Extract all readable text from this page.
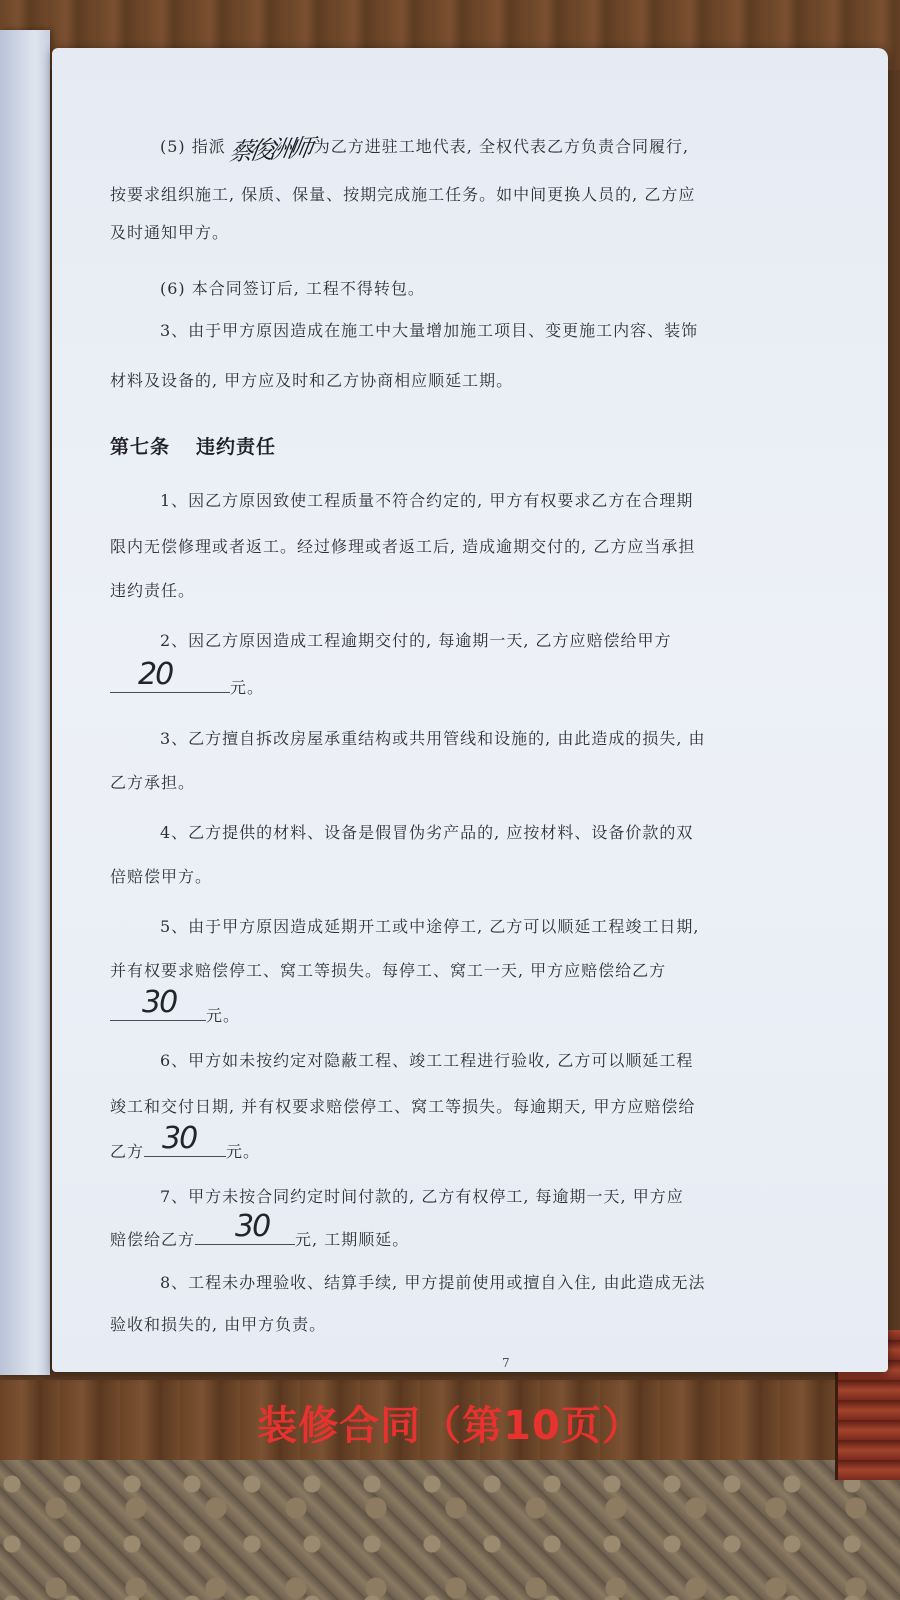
(5) 指派蔡俊洲师 为乙方进驻工地代表, 全权代表乙方负责合同履行,
按要求组织施工, 保质、保量、按期完成施工任务。如中间更换人员的, 乙方应
及时通知甲方。
(6) 本合同签订后, 工程不得转包。
3、由于甲方原因造成在施工中大量增加施工项目、变更施工内容、装饰
材料及设备的, 甲方应及时和乙方协商相应顺延工期。
第七条 违约责任
1、因乙方原因致使工程质量不符合约定的, 甲方有权要求乙方在合理期
限内无偿修理或者返工。经过修理或者返工后, 造成逾期交付的, 乙方应当承担
违约责任。
2、因乙方原因造成工程逾期交付的, 每逾期一天, 乙方应赔偿给甲方
20	元。
3、乙方擅自拆改房屋承重结构或共用管线和设施的, 由此造成的损失, 由
乙方承担。
4、乙方提供的材料、设备是假冒伪劣产品的, 应按材料、设备价款的双
倍赔偿甲方。
5、由于甲方原因造成延期开工或中途停工, 乙方可以顺延工程竣工日期,
并有权要求赔偿停工、窝工等损失。每停工、窝工一天, 甲方应赔偿给乙方
30 元。
6、甲方如未按约定对隐蔽工程、竣工工程进行验收, 乙方可以顺延工程
竣工和交付日期, 并有权要求赔偿停工、窝工等损失。每逾期天, 甲方应赔偿给
乙方 30 元。
7、甲方未按合同约定时间付款的, 乙方有权停工, 每逾期一天, 甲方应
赔偿给乙方 30 元, 工期顺延。
8、工程未办理验收、结算手续, 甲方提前使用或擅自入住, 由此造成无法
验收和损失的, 由甲方负责。
7
装修合同（第10页）
